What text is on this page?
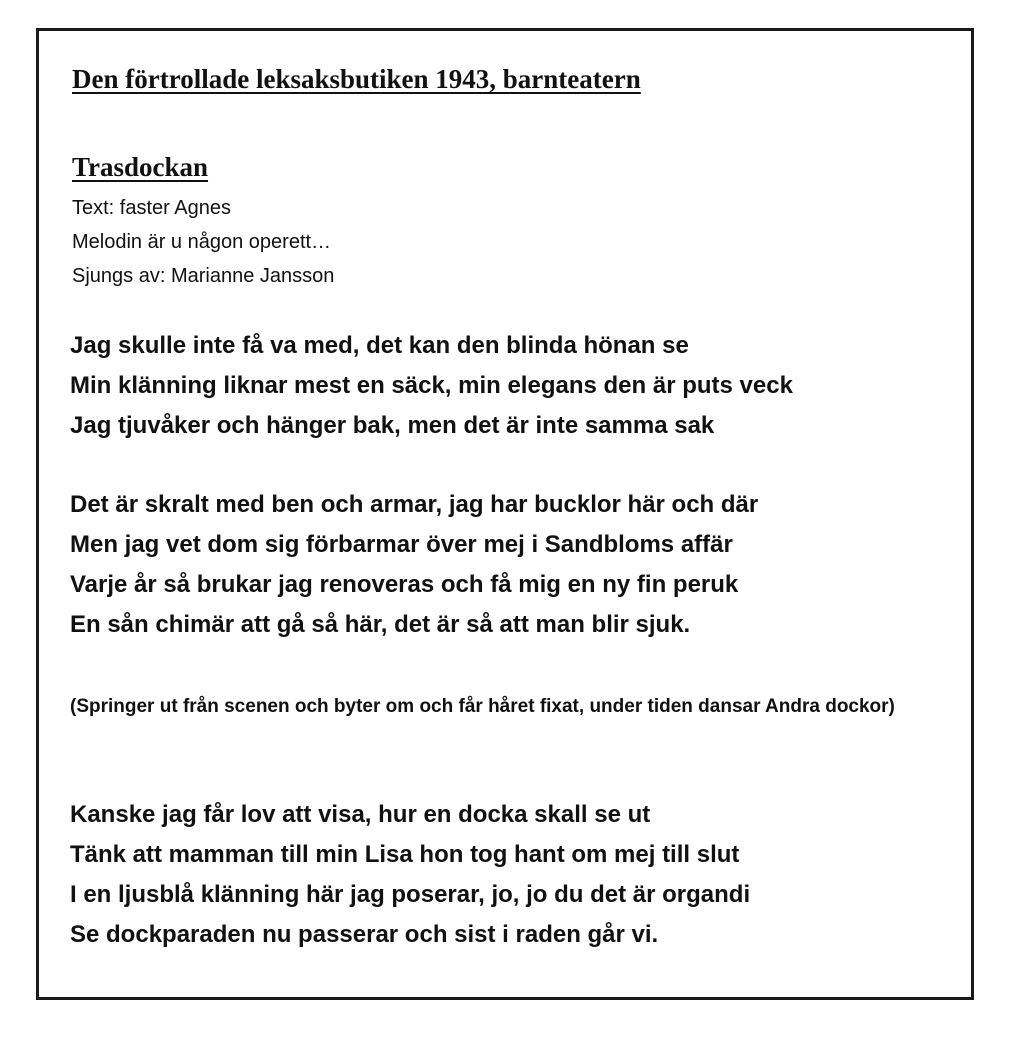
Den förtrollade leksaksbutiken 1943, barnteatern
Trasdockan
Text: faster Agnes
Melodin är u någon operett…
Sjungs av: Marianne Jansson
Jag skulle inte få va med, det kan den blinda hönan se
Min klänning liknar mest en säck, min elegans den är puts veck
Jag tjuvåker och hänger bak, men det är inte samma sak
Det är skralt med ben och armar, jag har bucklor här och där
Men jag vet dom sig förbarmar över mej i Sandbloms affär
Varje år så brukar jag renoveras och få mig en ny fin peruk
En sån chimär att gå så här, det är så att man blir sjuk.
(Springer ut från scenen och byter om och får håret fixat, under tiden dansar Andra dockor)
Kanske jag får lov att visa, hur en docka skall se ut
Tänk att mamman till min Lisa hon tog hant om mej till slut
I en ljusblå klänning här jag poserar, jo, jo du det är organdi
Se dockparaden nu passerar och sist i raden går vi.
